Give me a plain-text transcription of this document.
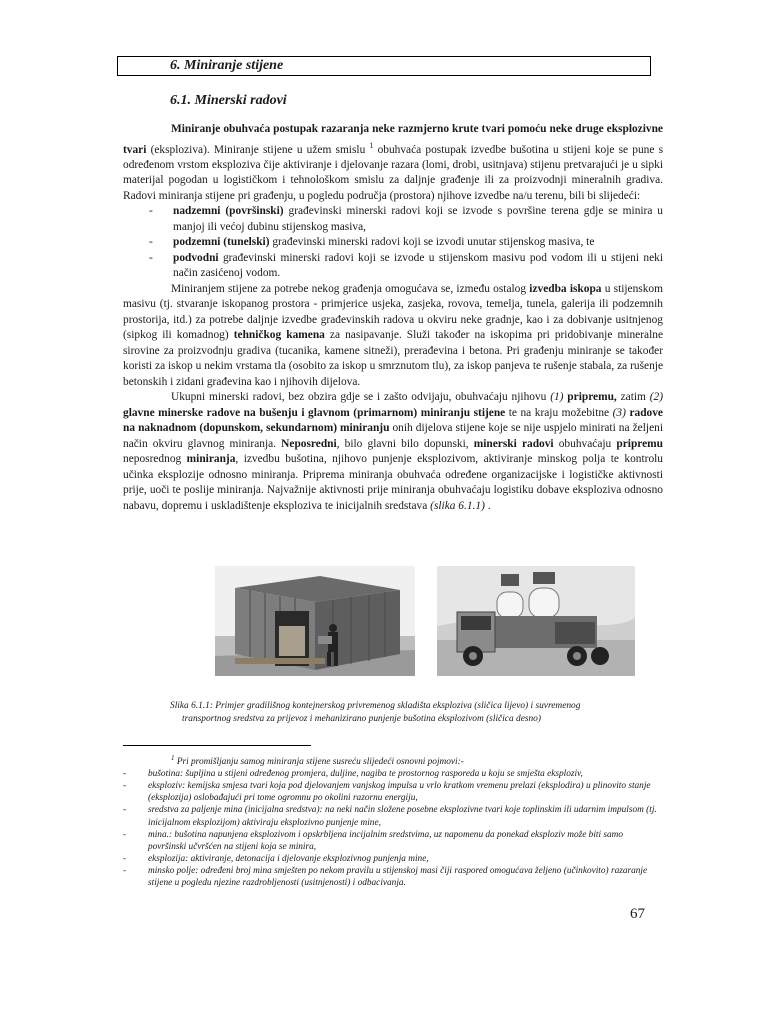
6. Miniranje stijene
6.1. Minerski radovi

Miniranje obuhvaća postupak razaranja neke razmjerno krute tvari pomoću neke druge eksplozivne tvari (eksploziva). Miniranje stijene u užem smislu $^1$ obuhvaća postupak izvedbe bušotina u stijeni koje se pune s određenom vrstom eksploziva čije aktiviranje i djelovanje razara (lomi, drobi, usitnjava) stijenu pretvarajući je u sipki materijal pogodan u logističkom i tehnološkom smislu za daljnje građenje ili za proizvodnji mineralnih gradiva. Radovi miniranja stijene pri građenju, u pogledu područja (prostora) njihove izvedbe na/u terenu, bili bi slijedeći:

-	nadzemni (površinski) građevinski minerski radovi koji se izvode s površine terena gdje se minira u manjoj ili većoj dubinu stijenskog masiva,
-	podzemni (tunelski) građevinski minerski radovi koji se izvodi unutar stijenskog masiva, te
-	podvodni građevinski minerski radovi koji se izvode u stijenskom masivu pod vodom ili u stijeni neki način zasićenoj vodom.

Miniranjem stijene za potrebe nekog građenja omogućava se, između ostalog izvedba iskopa u stijenskom masivu (tj. stvaranje iskopanog prostora - primjerice usjeka, zasjeka, rovova, temelja, tunela, galerija ili podzemnih prostorija, itd.) za potrebe daljnje izvedbe građevinskih radova u okviru neke gradnje, kao i za dobivanje usitnjenog (sipkog ili komadnog) tehničkog kamena za nasipavanje. Služi također na iskopima pri pridobivanje mineralne sirovine za proizvodnju gradiva (tucanika, kamene sitneži), prerađevina i betona. Pri građenju miniranje se također koristi za iskop u nekim vrstama tla (osobito za iskop u smrznutom tlu), za iskop panjeva te rušenje stabala, za rušenje betonskih i zidani građevina kao i njihovih dijelova.

Ukupni minerski radovi, bez obzira gdje se i zašto odvijaju, obuhvaćaju njihovu (1) pripremu, zatim (2) glavne minerske radove na bušenju i glavnom (primarnom) miniranju stijene te na kraju možebitne (3) radove na naknadnom (dopunskom, sekundarnom) miniranju onih dijelova stijene koje se nije uspjelo minirati na željeni način okviru glavnog miniranja. Neposredni, bilo glavni bilo dopunski, minerski radovi obuhvaćaju pripremu neposrednog miniranja, izvedbu bušotina, njihovo punjenje eksplozivom, aktiviranje minskog polja te kontrolu učinka eksplozije odnosno miniranja. Priprema miniranja obuhvaća određene organizacijske i logističke aktivnosti prije, uoči te poslije miniranja. Najvažnije aktivnosti prije miniranja obuhvaćaju logistiku dobave eksploziva odnosno nabavu, dopremu i uskladištenje eksploziva te inicijalnih sredstava (slika 6.1.1) .

Slika 6.1.1: Primjer gradilišnog kontejnerskog privremenog skladišta eksploziva (sličica lijevo) i suvremenog

transportnog sredstva za prijevoz i mehanizirano punjenje bušotina eksplozivom (sličica desno)

$^1$ Pri promišljanju samog miniranja stijene susreću slijedeći osnovni pojmovi:-

-	bušotina: šupljina u stijeni određenog promjera, duljine, nagiba te prostornog rasporeda u koju se smješta eksploziv,
-	eksploziv: kemijska smjesa tvari koja pod djelovanjem vanjskog impulsa u vrlo kratkom vremenu prelazi (eksplodira) u plinovito stanje (eksplozija) oslobađajući pri tome ogromnu po okolini razornu energiju,
-	sredstva za paljenje mina (inicijalna sredstva): na neki način složene posebne eksplozivne tvari koje toplinskim ili udarnim impulsom (tj. inicijalnom eksplozijom) aktiviraju eksplozivno punjenje mine,
-	mina.: bušotina napunjena eksplozivom i opskrbljena incijalnim sredstvima, uz napomenu da ponekad eksploziv može biti samo površinski učvršćen na stijeni koja se minira,
-	eksplozija: aktiviranje, detonacija i djelovanje eksplozivnog punjenja mine,
-	minsko polje: određeni broj mina smješten po nekom pravilu u stijenskoj masi čiji raspored omogućava željeno (učinkovito) razaranje stijene u pogledu njezine razdrobljenosti (usitnjenosti) i odbacivanja.
67
